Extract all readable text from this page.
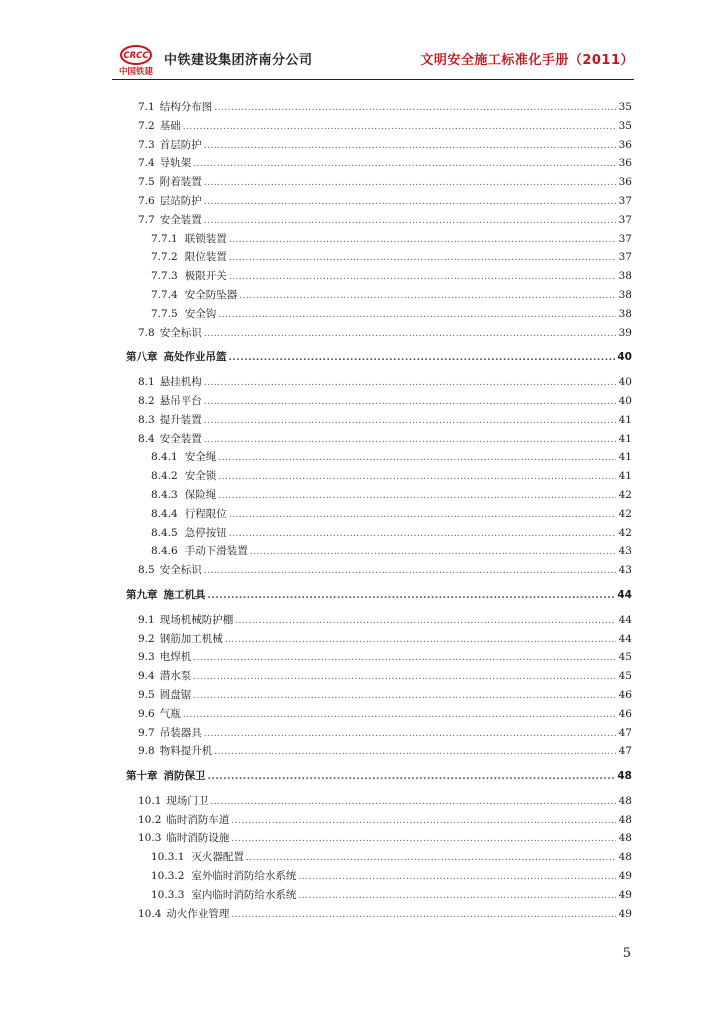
CRCC
中国铁建
中铁建设集团济南分公司	文明安全施工标准化手册（2011）
7.1 结构分布图 .....	35
7.2 基础 .....	35
7.3 首层防护 .....	36
7.4 导轨架 .....	36
7.5 附着装置 .....	36
7.6 层站防护 .....	37
7.7 安全装置 .....	37
7.7.1 联锁装置 .....	37
7.7.2 限位装置 .....	37
7.7.3 极限开关 .....	38
7.7.4 安全防坠器 .....	38
7.7.5 安全钩 .....	38
7.8 安全标识 .....	39
第八章 高处作业吊篮 .....	40
8.1 悬挂机构 .....	40
8.2 悬吊平台 .....	40
8.3 提升装置 .....	41
8.4 安全装置 .....	41
8.4.1 安全绳 .....	41
8.4.2 安全锁 .....	41
8.4.3 保险绳 .....	42
8.4.4 行程限位 .....	42
8.4.5 急停按钮 .....	42
8.4.6 手动下滑装置 .....	43
8.5 安全标识 .....	43
第九章 施工机具 .....	44
9.1 现场机械防护棚 .....	44
9.2 钢筋加工机械 .....	44
9.3 电焊机 .....	45
9.4 潜水泵 .....	45
9.5 圆盘锯 .....	46
9.6 气瓶 .....	46
9.7 吊装器具 .....	47
9.8 物料提升机 .....	47
第十章 消防保卫 .....	48
10.1 现场门卫 .....	48
10.2 临时消防车道 .....	48
10.3 临时消防设施 .....	48
10.3.1 灭火器配置 .....	48
10.3.2 室外临时消防给水系统 .....	49
10.3.3 室内临时消防给水系统 .....	49
10.4 动火作业管理 .....	49
5
